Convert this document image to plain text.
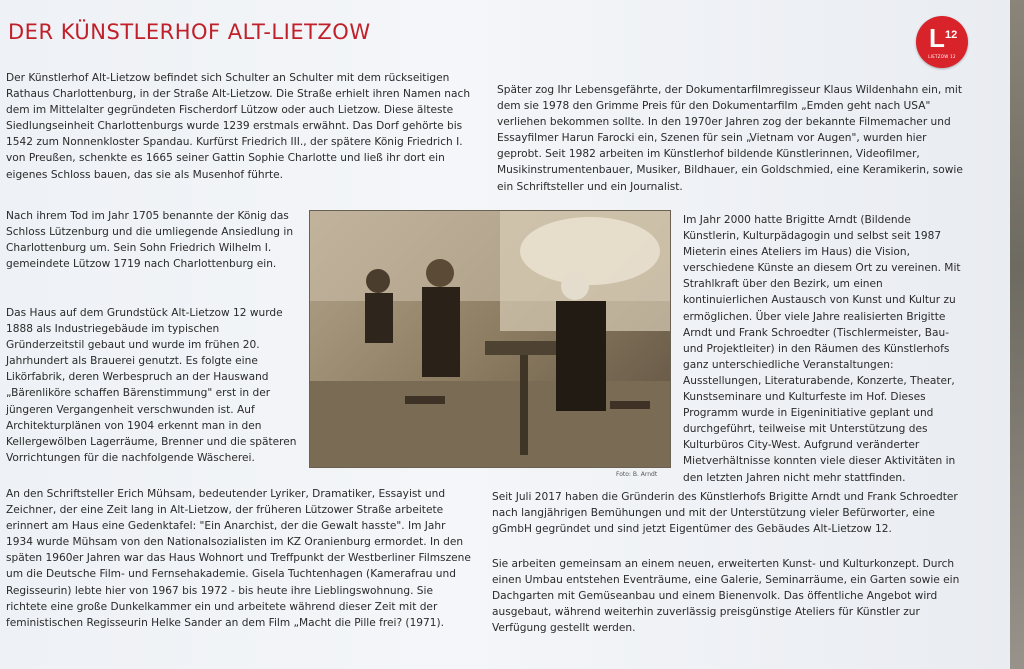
DER KÜNSTLERHOF ALT-LIETZOW	L 12
LIETZOW 12

Der Künstlerhof Alt-Lietzow befindet sich Schulter an Schulter mit dem rückseitigen Rathaus Charlottenburg, in der Straße Alt-Lietzow. Die Straße erhielt ihren Namen nach dem im Mittelalter gegründeten Fischerdorf Lützow oder auch Lietzow. Diese älteste Siedlungseinheit Charlottenburgs wurde 1239 erstmals erwähnt. Das Dorf gehörte bis 1542 zum Nonnenkloster Spandau. Kurfürst Friedrich III., der spätere König Friedrich I. von Preußen, schenkte es 1665 seiner Gattin Sophie Charlotte und ließ ihr dort ein eigenes Schloss bauen, das sie als Musenhof führte.

Nach ihrem Tod im Jahr 1705 benannte der König das Schloss Lützenburg und die umliegende Ansiedlung in Charlottenburg um. Sein Sohn Friedrich Wilhelm I. gemeindete Lützow 1719 nach Charlottenburg ein.

Das Haus auf dem Grundstück Alt-Lietzow 12 wurde 1888 als Industriegebäude im typischen Gründerzeitstil gebaut und wurde im frühen 20. Jahrhundert als Brauerei genutzt. Es folgte eine Likörfabrik, deren Werbespruch an der Hauswand „Bärenliköre schaffen Bärenstimmung" erst in der jüngeren Vergangenheit verschwunden ist. Auf Architekturplänen von 1904 erkennt man in den Kellergewölben Lagerräume, Brenner und die späteren Vorrichtungen für die nachfolgende Wäscherei.

An den Schriftsteller Erich Mühsam, bedeutender Lyriker, Dramatiker, Essayist und Zeichner, der eine Zeit lang in Alt-Lietzow, der früheren Lützower Straße arbeitete erinnert am Haus eine Gedenktafel: "Ein Anarchist, der die Gewalt hasste". Im Jahr 1934 wurde Mühsam von den Nationalsozialisten im KZ Oranienburg ermordet. In den späten 1960er Jahren war das Haus Wohnort und Treffpunkt der Westberliner Filmszene um die Deutsche Film- und Fernsehakademie. Gisela Tuchtenhagen (Kamerafrau und Regisseurin) lebte hier von 1967 bis 1972 - bis heute ihre Lieblingswohnung. Sie richtete eine große Dunkelkammer ein und arbeitete während dieser Zeit mit der feministischen Regisseurin Helke Sander an dem Film „Macht die Pille frei? (1971).

Foto: B. Arndt

Später zog Ihr Lebensgefährte, der Dokumentarfilmregisseur Klaus Wildenhahn ein, mit dem sie 1978 den Grimme Preis für den Dokumentarfilm „Emden geht nach USA" verliehen bekommen sollte. In den 1970er Jahren zog der bekannte Filmemacher und Essayfilmer Harun Farocki ein, Szenen für sein „Vietnam vor Augen", wurden hier geprobt. Seit 1982 arbeiten im Künstlerhof bildende Künstlerinnen, Videofilmer, Musikinstrumentenbauer, Musiker, Bildhauer, ein Goldschmied, eine Keramikerin, sowie ein Schriftsteller und ein Journalist.

Im Jahr 2000 hatte Brigitte Arndt (Bildende Künstlerin, Kulturpädagogin und selbst seit 1987 Mieterin eines Ateliers im Haus) die Vision, verschiedene Künste an diesem Ort zu vereinen. Mit Strahlkraft über den Bezirk, um einen kontinuierlichen Austausch von Kunst und Kultur zu ermöglichen. Über viele Jahre realisierten Brigitte Arndt und Frank Schroedter (Tischlermeister, Bau- und Projektleiter) in den Räumen des Künstlerhofs ganz unterschiedliche Veranstaltungen: Ausstellungen, Literaturabende, Konzerte, Theater, Kunstseminare und Kulturfeste im Hof. Dieses Programm wurde in Eigeninitiative geplant und durchgeführt, teilweise mit Unterstützung des Kulturbüros City-West. Aufgrund veränderter Mietverhältnisse konnten viele dieser Aktivitäten in den letzten Jahren nicht mehr stattfinden.

Seit Juli 2017 haben die Gründerin des Künstlerhofs Brigitte Arndt und Frank Schroedter nach langjährigen Bemühungen und mit der Unterstützung vieler Befürworter, eine gGmbH gegründet und sind jetzt Eigentümer des Gebäudes Alt-Lietzow 12.

Sie arbeiten gemeinsam an einem neuen, erweiterten Kunst- und Kulturkonzept. Durch einen Umbau entstehen Eventräume, eine Galerie, Seminarräume, ein Garten sowie ein Dachgarten mit Gemüseanbau und einem Bienenvolk. Das öffentliche Angebot wird ausgebaut, während weiterhin zuverlässig preisgünstige Ateliers für Künstler zur Verfügung gestellt werden.
